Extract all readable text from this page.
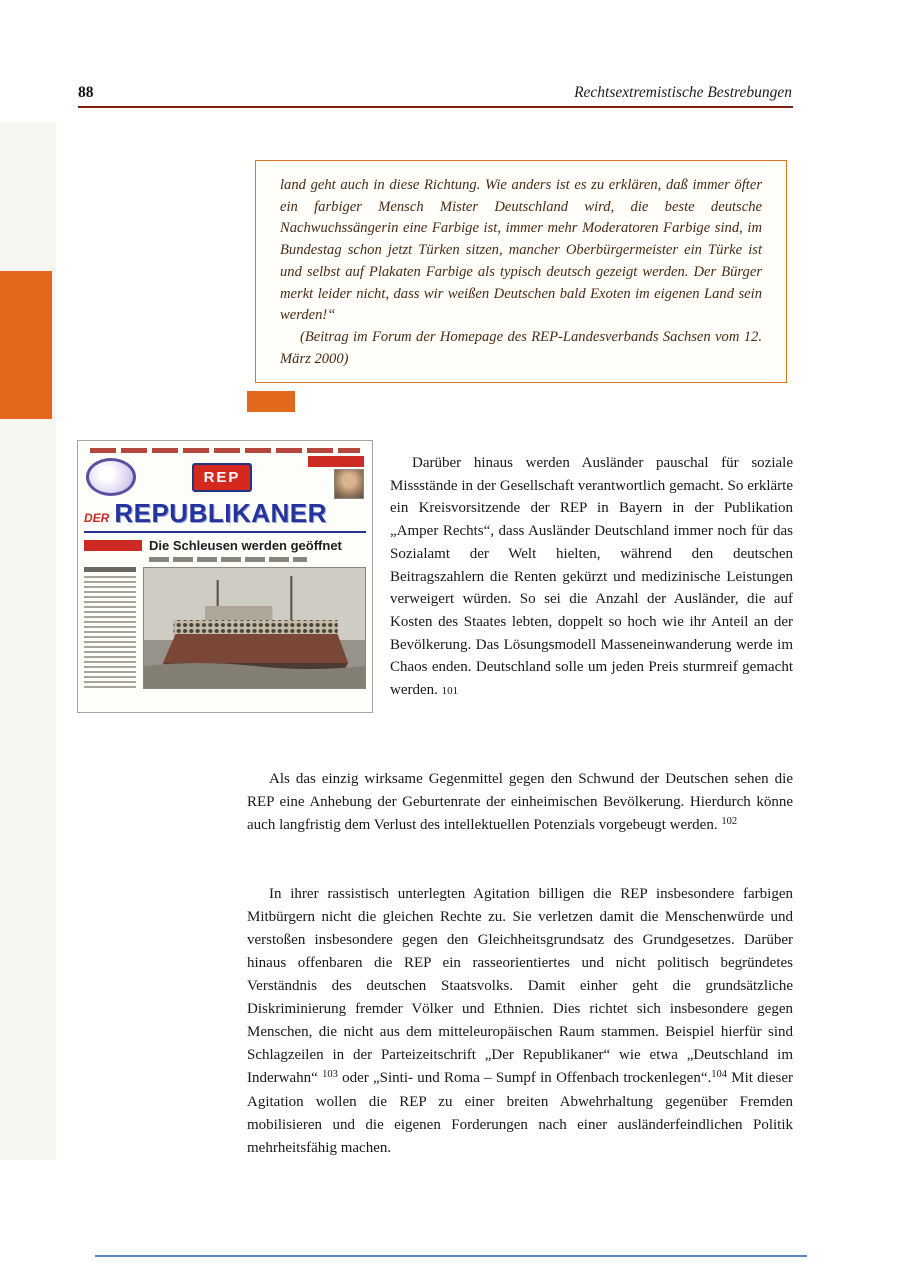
88	Rechtsextremistische Bestrebungen
land geht auch in diese Richtung. Wie anders ist es zu erklären, daß immer öfter ein farbiger Mensch Mister Deutschland wird, die beste deutsche Nachwuchssängerin eine Farbige ist, immer mehr Moderatoren Farbige sind, im Bundestag schon jetzt Türken sitzen, mancher Oberbürgermeister ein Türke ist und selbst auf Plakaten Farbige als typisch deutsch gezeigt werden. Der Bürger merkt leider nicht, dass wir weißen Deutschen bald Exoten im eigenen Land sein werden!“
(Beitrag im Forum der Homepage des REP-Landesverbands Sachsen vom 12. März 2000)
REP
DER REPUBLIKANER
Die Schleusen werden geöffnet

Darüber hinaus werden Ausländer pauschal für soziale Missstände in der Gesellschaft verantwortlich gemacht. So erklärte ein Kreisvorsitzende der REP in Bayern in der Publikation „Amper Rechts“, dass Ausländer Deutschland immer noch für das Sozialamt der Welt hielten, während den deutschen Beitragszahlern die Renten gekürzt und medizinische Leistungen verweigert würden. So sei die Anzahl der Ausländer, die auf Kosten des Staates lebten, doppelt so hoch wie ihr Anteil an der Bevölkerung. Das Lösungsmodell Masseneinwanderung werde im Chaos enden. Deutschland solle um jeden Preis sturmreif gemacht werden. 101

Als das einzig wirksame Gegenmittel gegen den Schwund der Deutschen sehen die REP eine Anhebung der Geburtenrate der einheimischen Bevölkerung. Hierdurch könne auch langfristig dem Verlust des intellektuellen Potenzials vorgebeugt werden. $^{102}$

In ihrer rassistisch unterlegten Agitation billigen die REP insbesondere farbigen Mitbürgern nicht die gleichen Rechte zu. Sie verletzen damit die Menschenwürde und verstoßen insbesondere gegen den Gleichheitsgrundsatz des Grundgesetzes. Darüber hinaus offenbaren die REP ein rasseorientiertes und nicht politisch begründetes Verständnis des deutschen Staatsvolks. Damit einher geht die grundsätzliche Diskriminierung fremder Völker und Ethnien. Dies richtet sich insbesondere gegen Menschen, die nicht aus dem mitteleuropäischen Raum stammen. Beispiel hierfür sind Schlagzeilen in der Parteizeitschrift „Der Republikaner“ wie etwa „Deutschland im Inderwahn“ $^{103}$ oder „Sinti- und Roma – Sumpf in Offenbach trockenlegen“.$^{104}$ Mit dieser Agitation wollen die REP zu einer breiten Abwehrhaltung gegenüber Fremden mobilisieren und die eigenen Forderungen nach einer ausländerfeindlichen Politik mehrheitsfähig machen.
